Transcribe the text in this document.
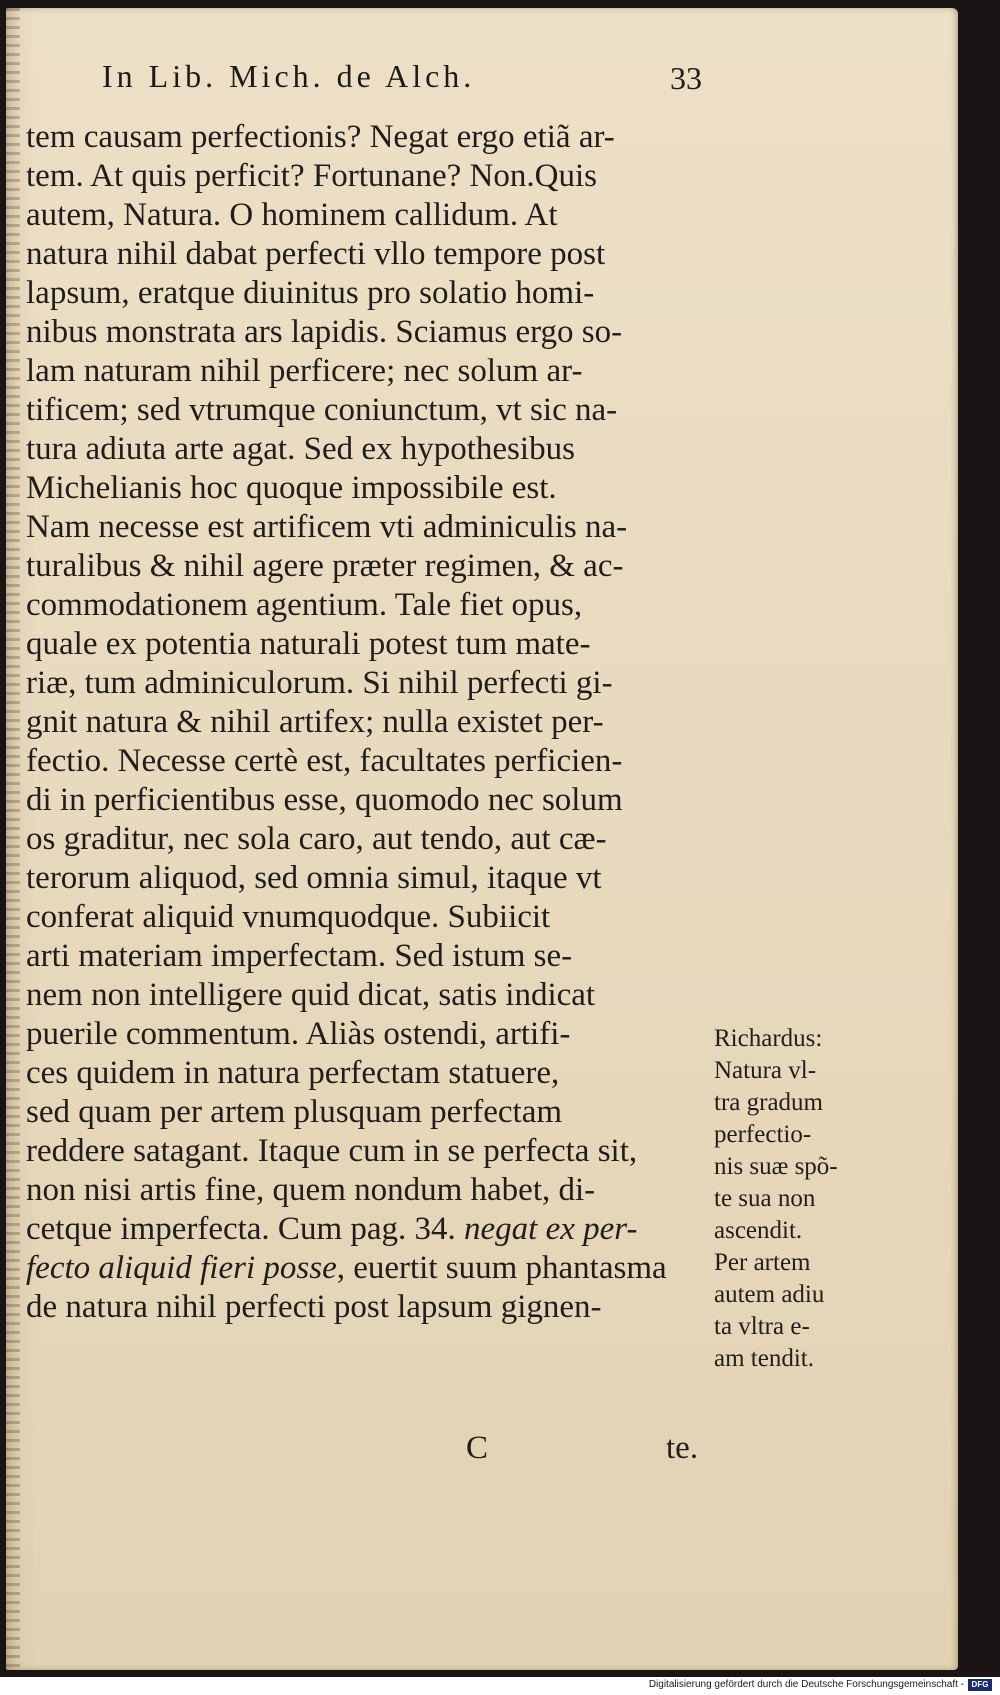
In Lib. Mich. de Alch.	33
tem causam perfectionis? Negat ergo etiã ar-
tem. At quis perficit? Fortunane? Non.Quis
autem, Natura. O hominem callidum. At
natura nihil dabat perfecti vllo tempore post
lapsum, eratque diuinitus pro solatio homi-
nibus monstrata ars lapidis. Sciamus ergo so-
lam naturam nihil perficere; nec solum ar-
tificem; sed vtrumque coniunctum, vt sic na-
tura adiuta arte agat. Sed ex hypothesibus
Michelianis hoc quoque impossibile est.
Nam necesse est artificem vti adminiculis na-
turalibus & nihil agere præter regimen, & ac-
commodationem agentium. Tale fiet opus,
quale ex potentia naturali potest tum mate-
riæ, tum adminiculorum. Si nihil perfecti gi-
gnit natura & nihil artifex; nulla existet per-
fectio. Necesse certè est, facultates perficien-
di in perficientibus esse, quomodo nec solum
os graditur, nec sola caro, aut tendo, aut cæ-
terorum aliquod, sed omnia simul, itaque vt
conferat aliquid vnumquodque. Subiicit
arti materiam imperfectam. Sed istum se-
nem non intelligere quid dicat, satis indicat
puerile commentum. Aliàs ostendi, artifi-
ces quidem in natura perfectam statuere,
sed quam per artem plusquam perfectam
reddere satagant. Itaque cum in se perfecta sit,
non nisi artis fine, quem nondum habet, di-
cetque imperfecta. Cum pag. 34. negat ex per-
fecto aliquid fieri posse, euertit suum phantasma
de natura nihil perfecti post lapsum gignen-
C	te.
Richardus:
Natura vl-
tra gradum
perfectio-
nis suæ spõ-
te sua non
ascendit.
Per artem
autem adiu
ta vltra e-
am tendit.
Digitalisierung gefördert durch die Deutsche Forschungsgemeinschaft - DFG
